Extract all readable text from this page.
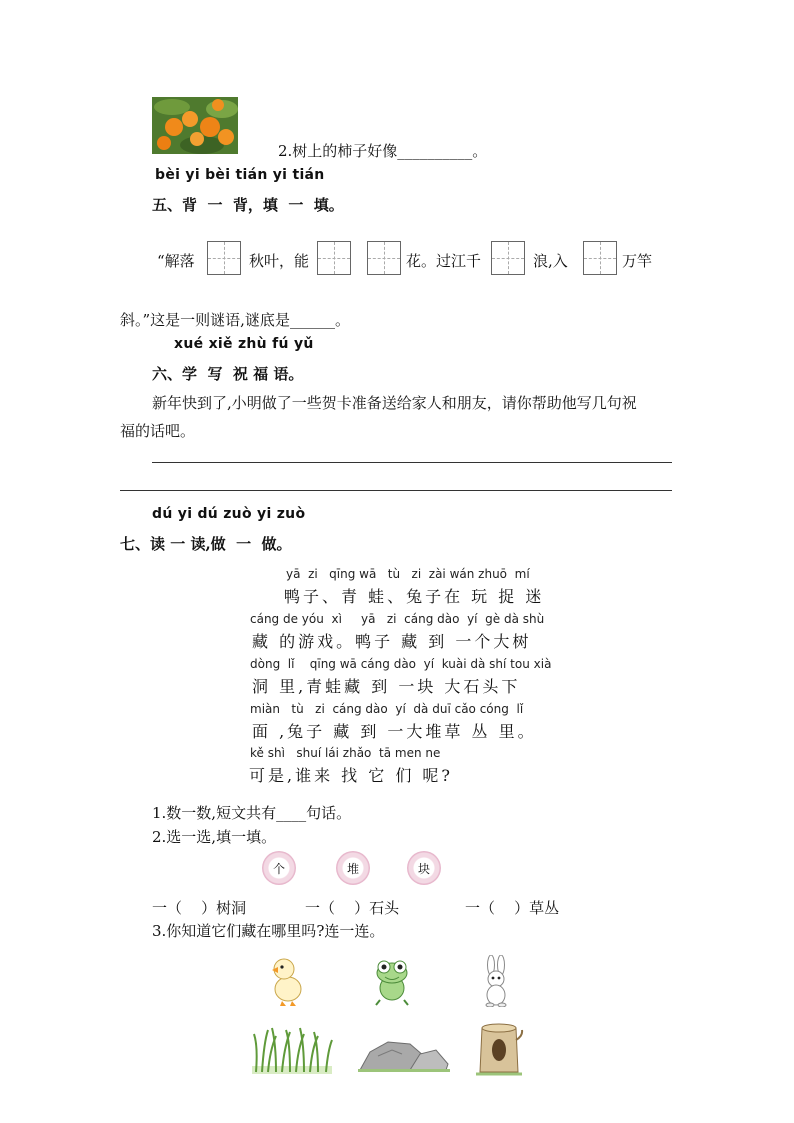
2.树上的柿子好像__________。
bèi yi bèi tián yi tián
五、背  一  背，填  一  填。
“解落	秋叶，能	花。过江千	浪,入	万竿
斜。”这是一则谜语,谜底是______。
xué xiě zhù fú yǔ
六、学  写  祝 福 语。
新年快到了,小明做了一些贺卡准备送给家人和朋友，请你帮助他写几句祝
福的话吧。
dú yi dú zuò yi zuò
七、读 一 读,做  一  做。
yā  zi   qīng wā   tù   zi  zài wán zhuō  mí
鸭子、青 蛙、兔子在 玩 捉 迷
cáng de yóu  xì     yā   zi  cáng dào  yí  gè dà shù
藏 的游戏。鸭子 藏 到 一个大树
dòng  lǐ    qīng wā cáng dào  yí  kuài dà shí tou xià
洞 里,青蛙藏 到 一块 大石头下
miàn   tù   zi  cáng dào  yí  dà duī cǎo cóng  lǐ
面 ,兔子 藏 到 一大堆草 丛 里。
kě shì   shuí lái zhǎo  tā men ne
可是,谁来 找 它 们 呢?
1.数一数,短文共有____句话。
2.选一选,填一填。
个	堆	块
一（    ）树洞	一（    ）石头	一（    ）草丛
3.你知道它们藏在哪里吗?连一连。
